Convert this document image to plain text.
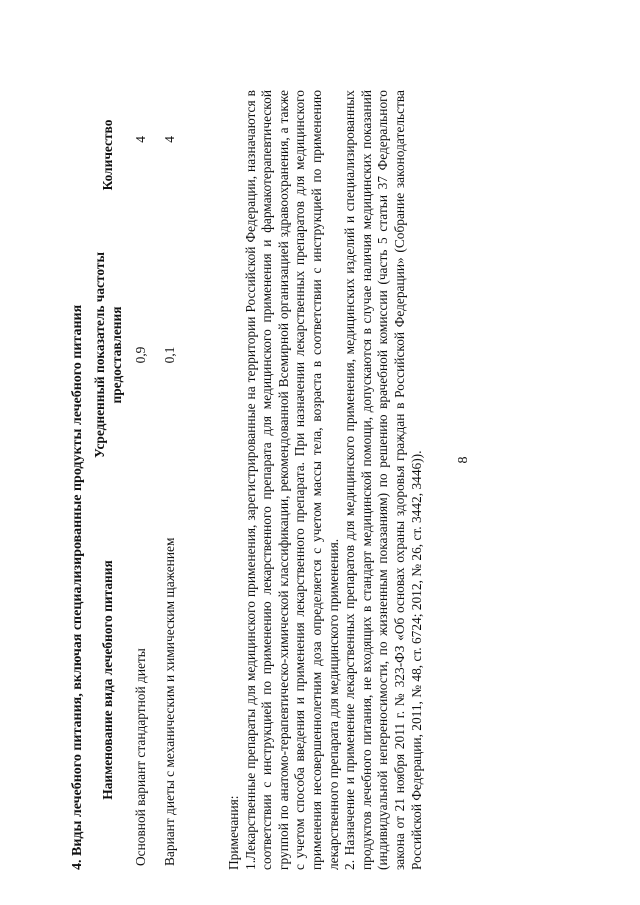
8
4. Виды лечебного питания, включая специализированные продукты лечебного питания Наименование вида лечебного питания	Усредненный показатель частоты предоставления	Количество
Основной вариант стандартной диеты	0,9	4
Вариант диеты с механическим и химическим щажением	0,1	4

Примечания: 1.Лекарственные препараты для медицинского применения, зарегистрированные на территории Российской Федерации, назначаются в соответствии с инструкцией по применению лекарственного препарата для медицинского применения и фармакотерапевтической группой по анатомо-терапевтическо-химической классификации, рекомендованной Всемирной организацией здравоохранения, а также с учетом способа введения и применения лекарственного препарата. При назначении лекарственных препаратов для медицинского применения несовершеннолетним доза определяется с учетом массы тела, возраста в соответствии с инструкцией по применению лекарственного препарата для медицинского применения. 2. Назначение и применение лекарственных препаратов для медицинского применения, медицинских изделий и специализированных продуктов лечебного питания, не входящих в стандарт медицинской помощи, допускаются в случае наличия медицинских показаний (индивидуальной непереносимости, по жизненным показаниям) по решению врачебной комиссии (часть 5 статьи 37 Федерального закона от 21 ноября 2011 г. № 323-ФЗ «Об основах охраны здоровья граждан в Российской Федерации» (Собрание законодательства Российской Федерации, 2011, № 48, ст. 6724; 2012, № 26, ст. 3442, 3446)).
